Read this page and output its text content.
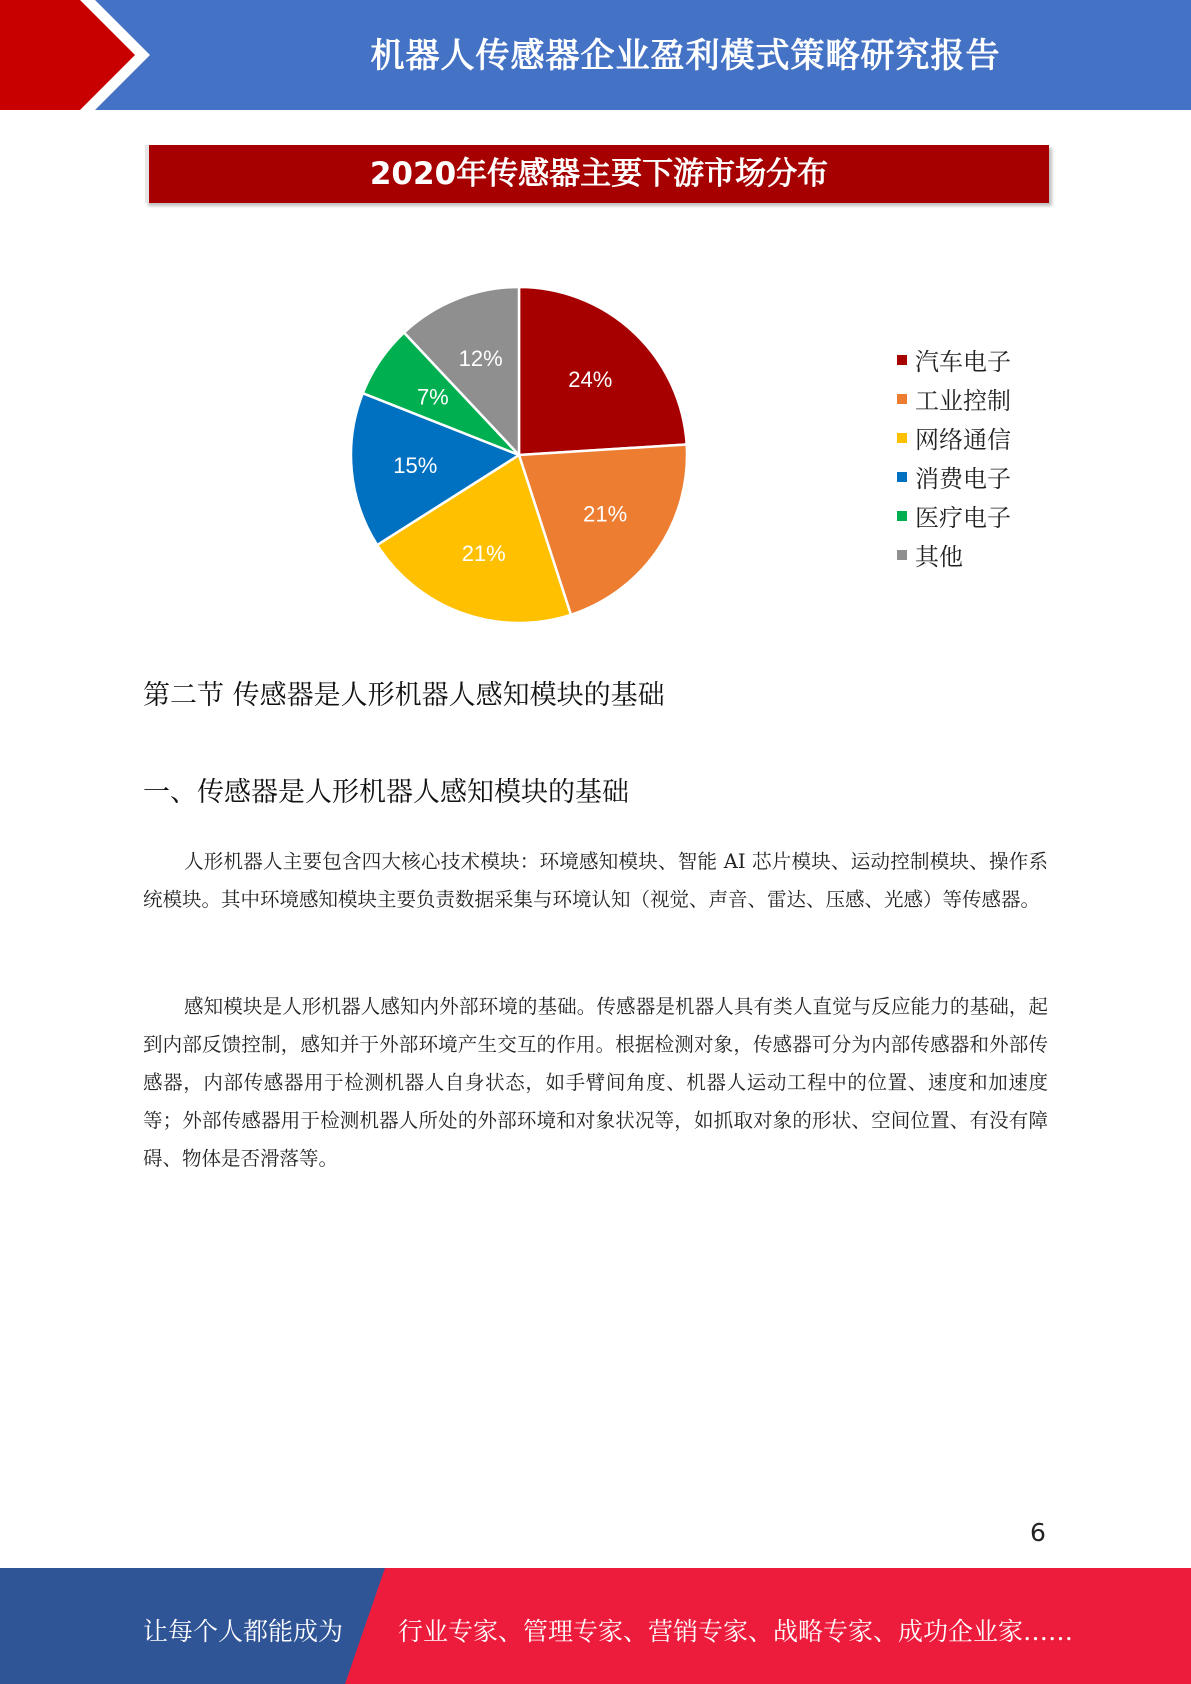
机器人传感器企业盈利模式策略研究报告
2020年传感器主要下游市场分布
24%
21%
21%
15%
7%
12%	汽车电子
工业控制
网络通信
消费电子
医疗电子
其他
第二节 传感器是人形机器人感知模块的基础
一、传感器是人形机器人感知模块的基础
人形机器人主要包含四大核心技术模块：环境感知模块、智能 AI 芯片模块、运动控制模块、操作系统模块。其中环境感知模块主要负责数据采集与环境认知（视觉、声音、雷达、压感、光感）等传感器。
感知模块是人形机器人感知内外部环境的基础。传感器是机器人具有类人直觉与反应能力的基础，起到内部反馈控制，感知并于外部环境产生交互的作用。根据检测对象，传感器可分为内部传感器和外部传感器，内部传感器用于检测机器人自身状态，如手臂间角度、机器人运动工程中的位置、速度和加速度等；外部传感器用于检测机器人所处的外部环境和对象状况等，如抓取对象的形状、空间位置、有没有障碍、物体是否滑落等。
6
让每个人都能成为 行业专家、管理专家、营销专家、战略专家、成功企业家……
